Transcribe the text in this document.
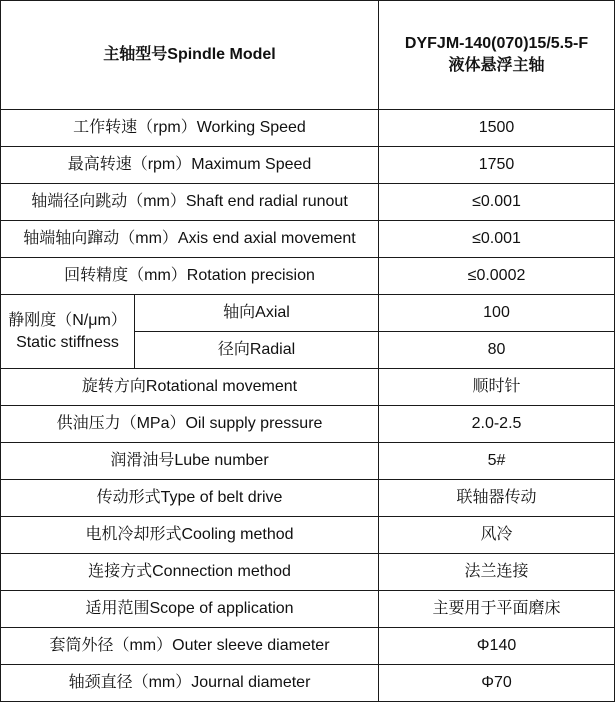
主轴型号Spindle Model		DYFJM-140(070)15/5.5-F
液体悬浮主轴

工作转速（rpm）Working Speed		1500
最高转速（rpm）Maximum Speed		1750
轴端径向跳动（mm）Shaft end radial runout		≤0.001
轴端轴向蹿动（mm）Axis end axial movement		≤0.001
回转精度（mm）Rotation precision		≤0.0002

静刚度（N/μm）
Static stiffness	轴向Axial	100
	径向Radial	80
旋转方向Rotational movement		顺时针
供油压力（MPa）Oil supply pressure		2.0-2.5
润滑油号Lube number		5#
传动形式Type of belt drive		联轴器传动
电机冷却形式Cooling method		风冷
连接方式Connection method		法兰连接
适用范围Scope of application		主要用于平面磨床
套筒外径（mm）Outer sleeve diameter		Φ140
轴颈直径（mm）Journal diameter		Φ70
